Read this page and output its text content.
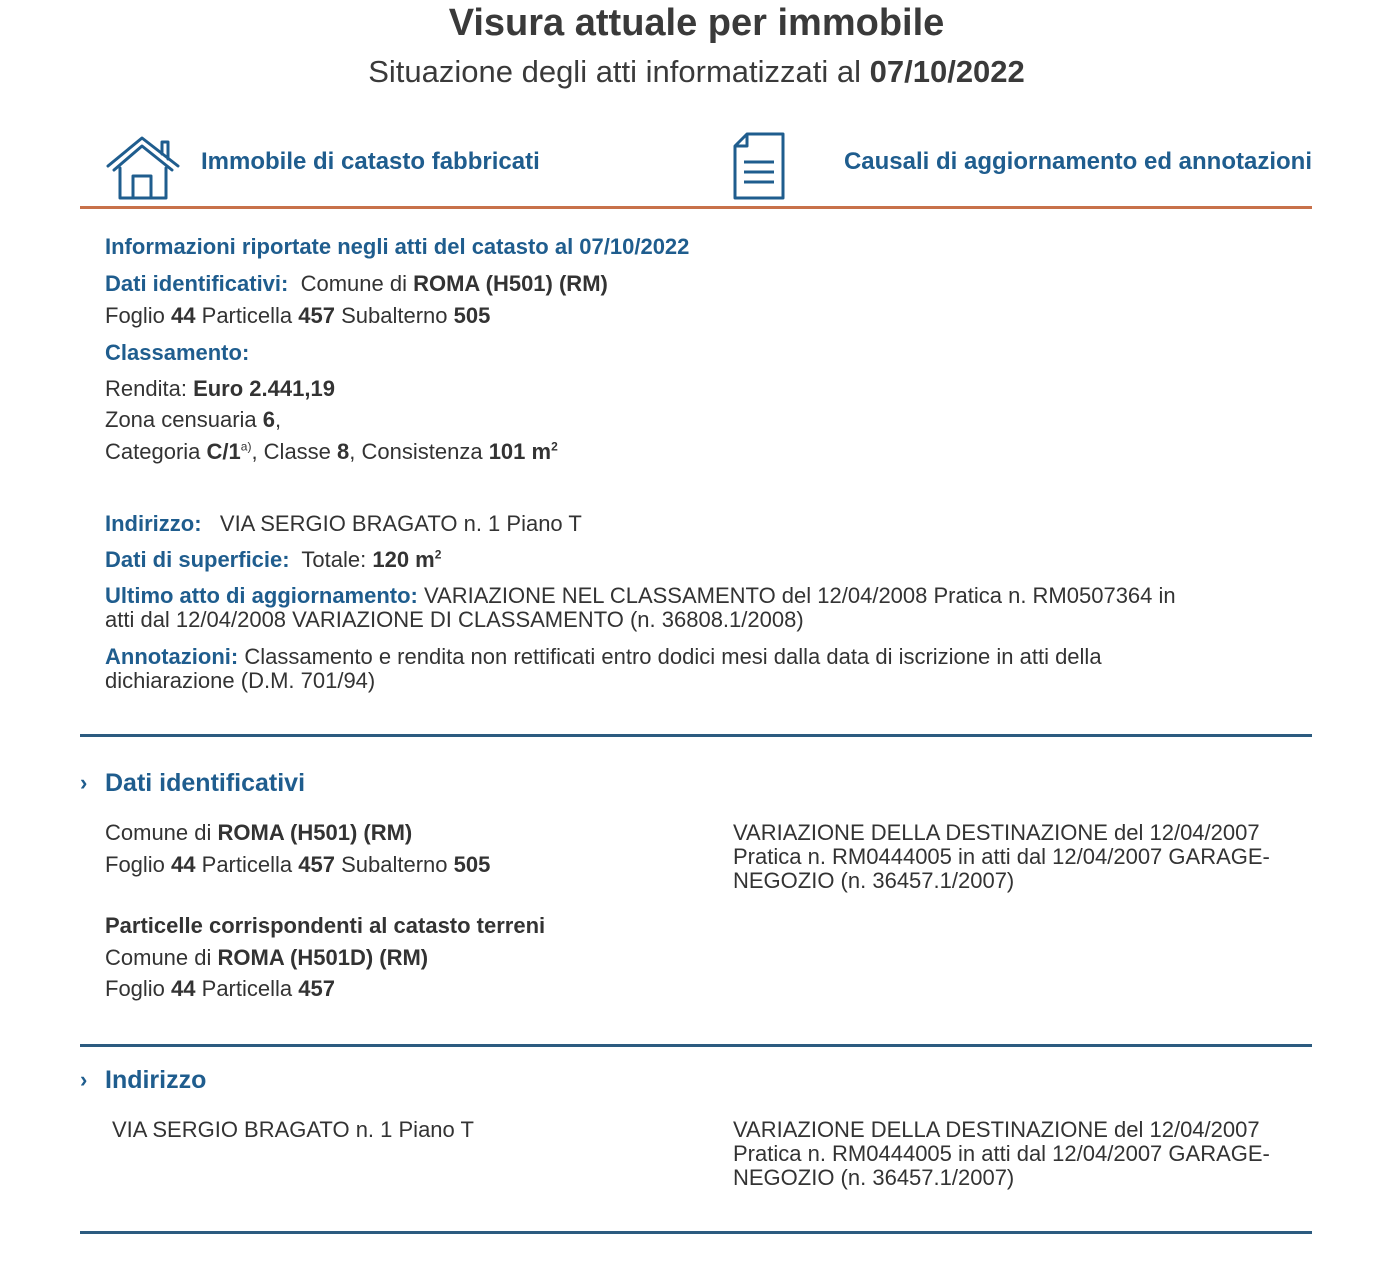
Visura attuale per immobile
Situazione degli atti informatizzati al 07/10/2022
Immobile di catasto fabbricati	Causali di aggiornamento ed annotazioni
Informazioni riportate negli atti del catasto al 07/10/2022
Dati identificativi: Comune di ROMA (H501) (RM)
Foglio 44 Particella 457 Subalterno 505
Classamento:
Rendita: Euro 2.441,19
Zona censuaria 6,
Categoria C/1$^{a)}$, Classe 8, Consistenza 101 $m^2$
Indirizzo: VIA SERGIO BRAGATO n. 1 Piano T
Dati di superficie: Totale: 120 $m^2$
Ultimo atto di aggiornamento: VARIAZIONE NEL CLASSAMENTO del 12/04/2008 Pratica n. RM0507364 in
atti dal 12/04/2008 VARIAZIONE DI CLASSAMENTO (n. 36808.1/2008)
Annotazioni: Classamento e rendita non rettificati entro dodici mesi dalla data di iscrizione in atti della
dichiarazione (D.M. 701/94)
› Dati identificativi
Comune di ROMA (H501) (RM)
Foglio 44 Particella 457 Subalterno 505
Particelle corrispondenti al catasto terreni
Comune di ROMA (H501D) (RM)
Foglio 44 Particella 457
VARIAZIONE DELLA DESTINAZIONE del 12/04/2007
Pratica n. RM0444005 in atti dal 12/04/2007 GARAGE-
NEGOZIO (n. 36457.1/2007)
› Indirizzo
VIA SERGIO BRAGATO n. 1 Piano T	VARIAZIONE DELLA DESTINAZIONE del 12/04/2007
Pratica n. RM0444005 in atti dal 12/04/2007 GARAGE-
NEGOZIO (n. 36457.1/2007)
